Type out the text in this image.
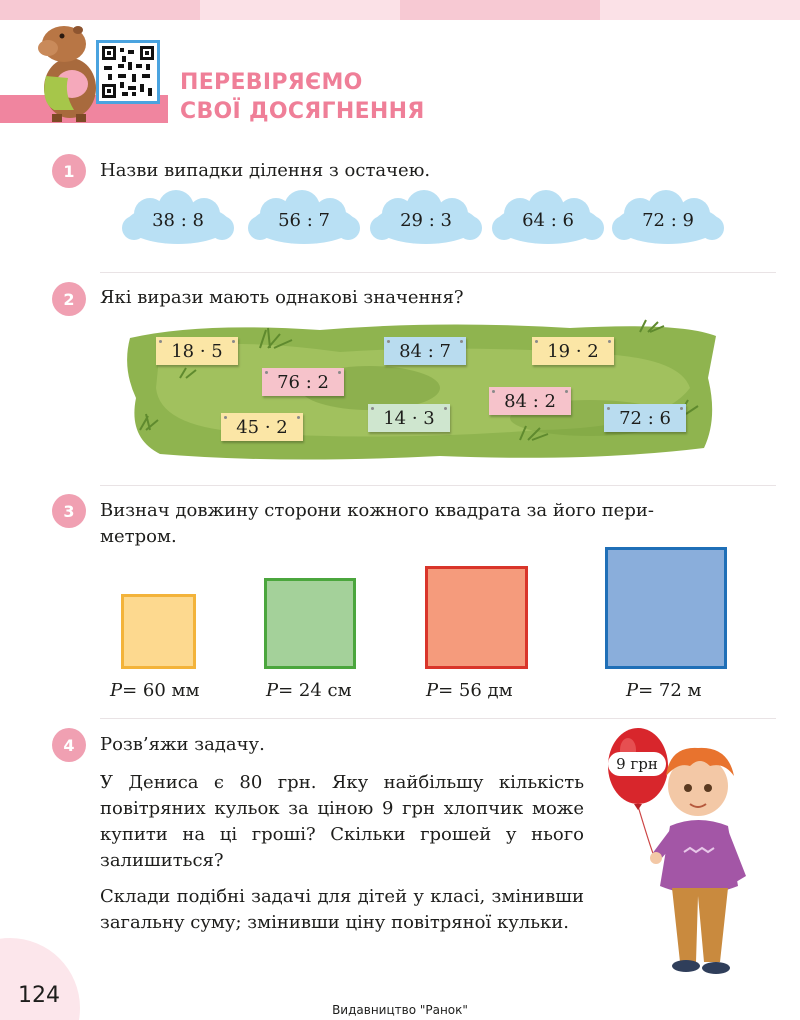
ПЕРЕВІРЯЄМО
СВОЇ ДОСЯГНЕННЯ
1	Назви випадки ділення з остачею.
38 : 8	56 : 7	29 : 3	64 : 6	72 : 9
2	Які вирази мають однакові значення?
18 · 5
76 : 2
45 · 2
84 : 7
14 · 3
19 · 2
84 : 2
72 : 6
3	Визнач довжину сторони кожного квадрата за його пери-
метром.
P= 60 мм	P= 24 см	P= 56 дм	P= 72 м
4	Розв’яжи задачу.
У Дениса є 80 грн. Яку найбільшу кількість повітряних кульок за ціною 9 грн хлопчик може купити на ці гроші? Скільки грошей у нього залишиться?
Склади подібні задачі для дітей у класі, змінивши загальну суму; змінивши ціну повітряної кульки.
9 грн
124
Видавництво "Ранок"
